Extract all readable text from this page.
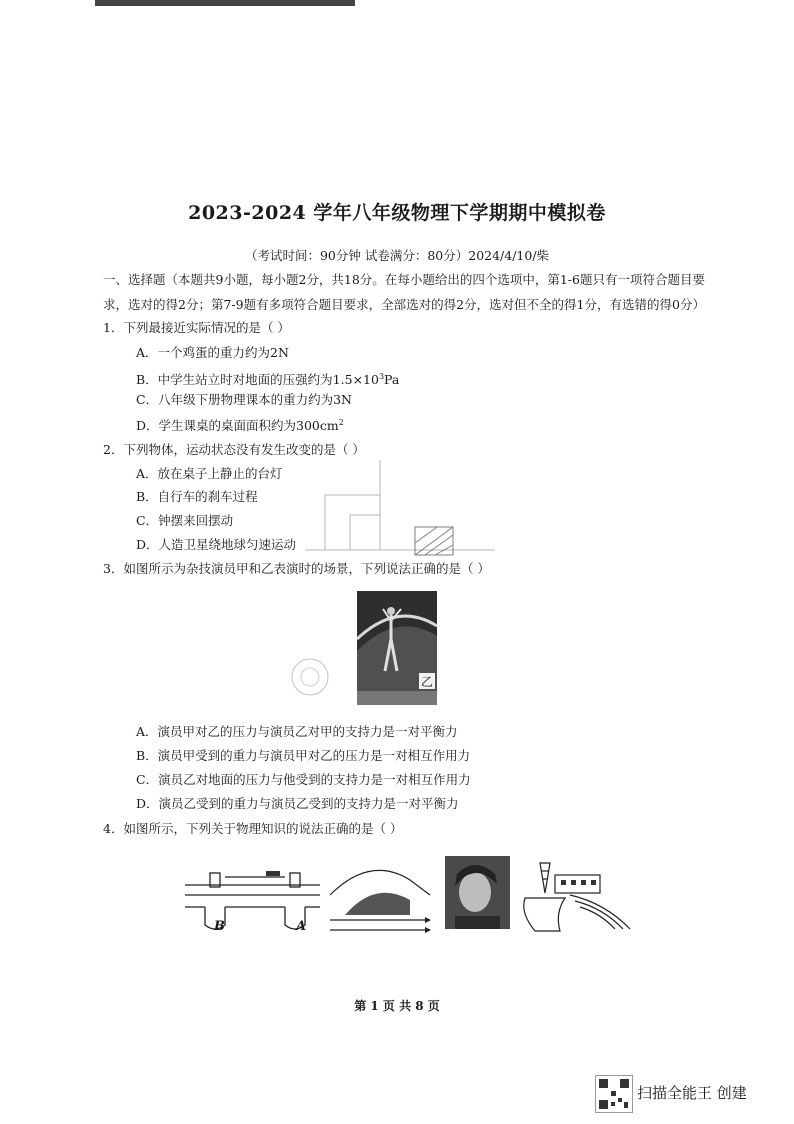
2023-2024 学年八年级物理下学期期中模拟卷
（考试时间：90分钟 试卷满分：80分）2024/4/10/柴
一、选择题（本题共9小题，每小题2分，共18分。在每小题给出的四个选项中，第1-6题只有一项符合题目要
求，选对的得2分；第7-9题有多项符合题目要求，全部选对的得2分，选对但不全的得1分，有选错的得0分）
1．下列最接近实际情况的是（ ）
A．一个鸡蛋的重力约为2N
B．中学生站立时对地面的压强约为$1.5\times 10^3Pa$
C．八年级下册物理课本的重力约为3N
D．学生课桌的桌面面积约为$300cm^2$
2．下列物体，运动状态没有发生改变的是（ ）
A．放在桌子上静止的台灯
B．自行车的刹车过程
C．钟摆来回摆动
D．人造卫星绕地球匀速运动
3．如图所示为杂技演员甲和乙表演时的场景，下列说法正确的是（ ）
乙
A．演员甲对乙的压力与演员乙对甲的支持力是一对平衡力
B．演员甲受到的重力与演员甲对乙的压力是一对相互作用力
C．演员乙对地面的压力与他受到的支持力是一对相互作用力
D．演员乙受到的重力与演员乙受到的支持力是一对平衡力
4．如图所示，下列关于物理知识的说法正确的是（ ）
B	A
第 1 页 共 8 页
扫描全能王 创建
